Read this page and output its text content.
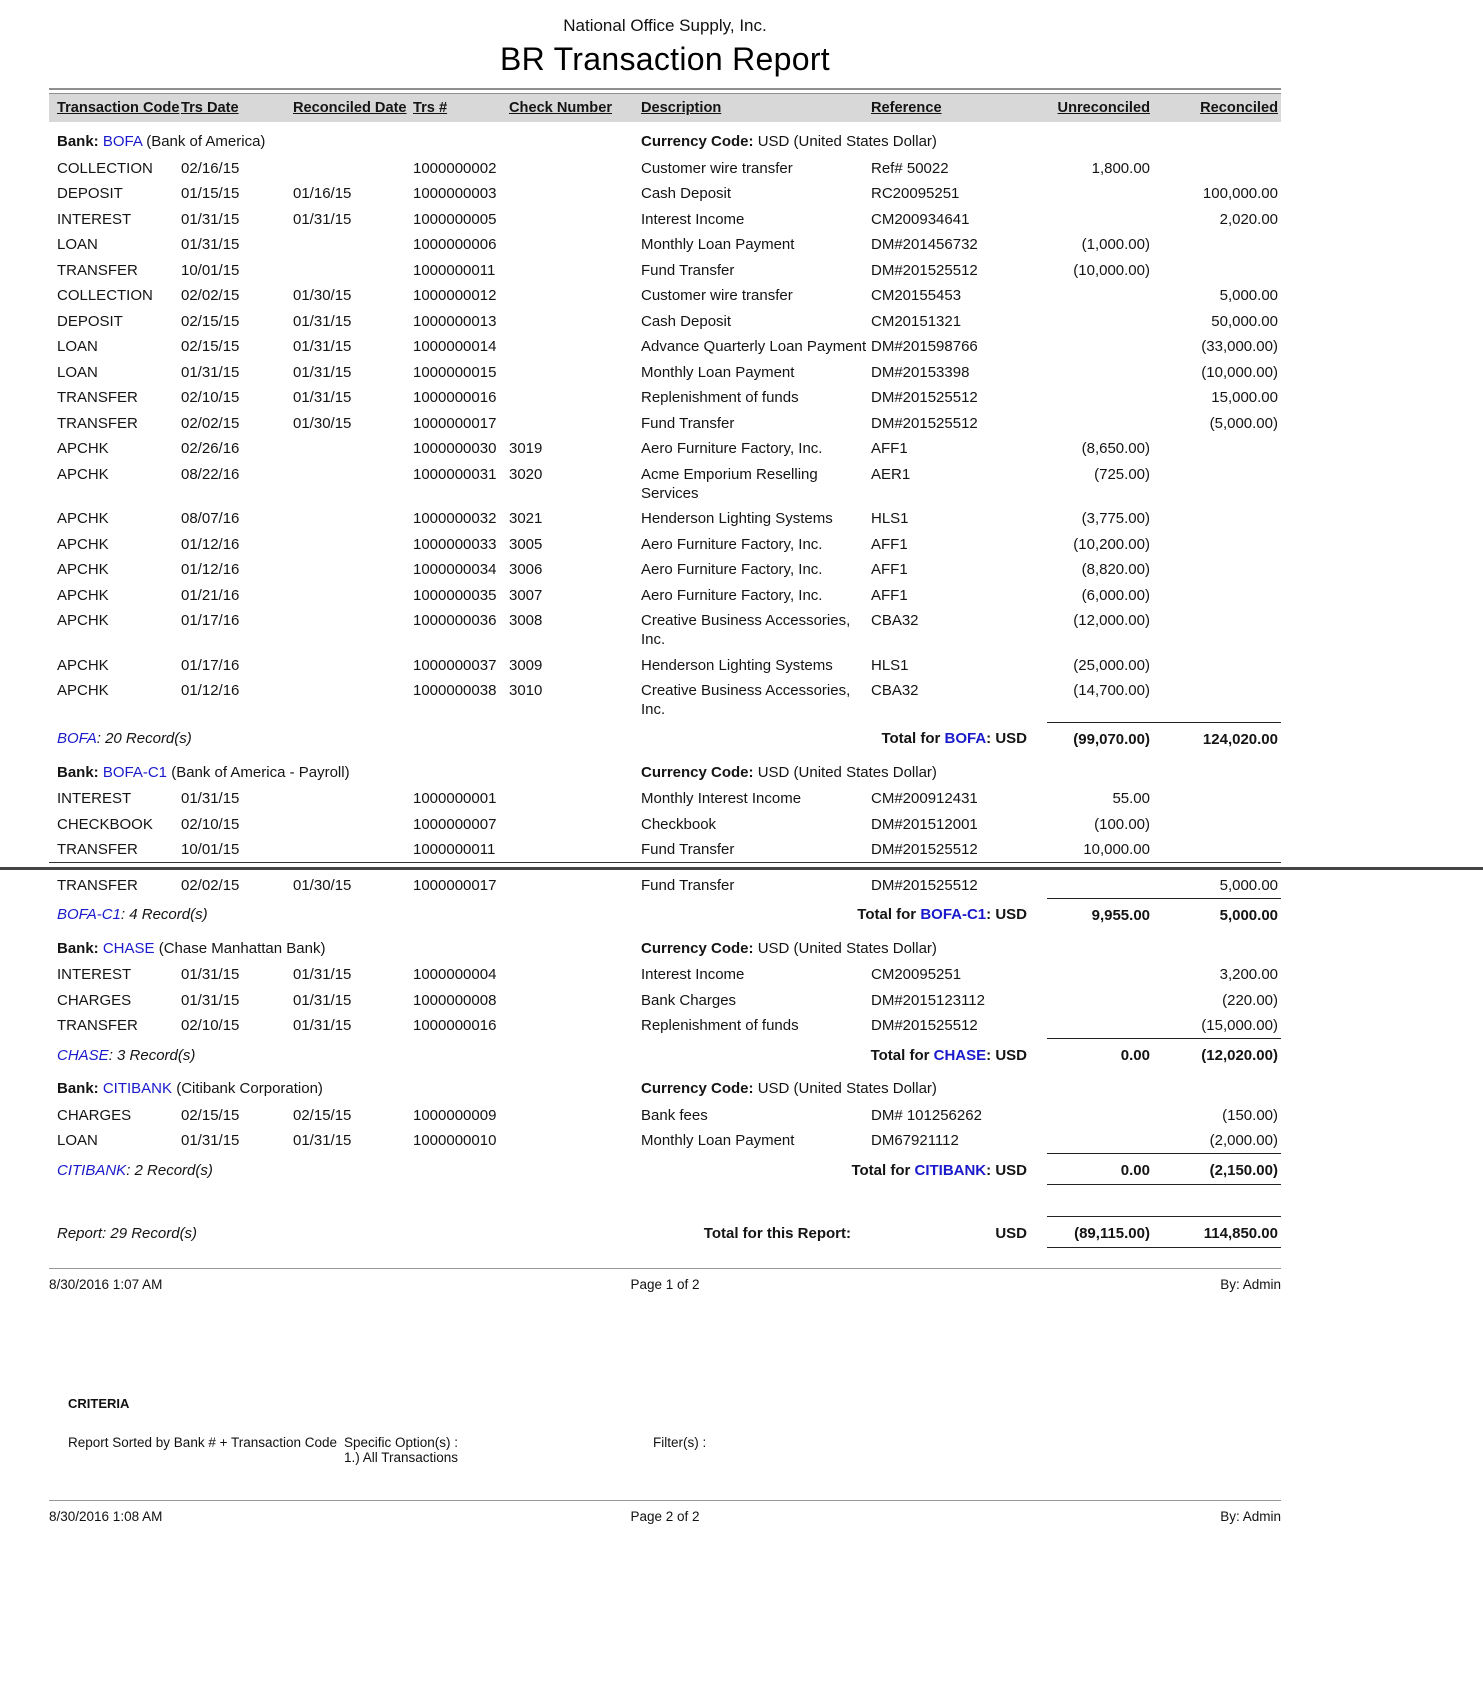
National Office Supply, Inc.
BR Transaction Report
Transaction Code	Trs Date	Reconciled Date	Trs #	Check Number	Description	Reference	Unreconciled	Reconciled
Bank: BOFA (Bank of America)					Currency Code: USD (United States Dollar)			
COLLECTION	02/16/15		1000000002		Customer wire transfer	Ref# 50022	1,800.00	
DEPOSIT	01/15/15	01/16/15	1000000003		Cash Deposit	RC20095251		100,000.00
INTEREST	01/31/15	01/31/15	1000000005		Interest Income	CM200934641		2,020.00
LOAN	01/31/15		1000000006		Monthly Loan Payment	DM#201456732	(1,000.00)	
TRANSFER	10/01/15		1000000011		Fund Transfer	DM#201525512	(10,000.00)	
COLLECTION	02/02/15	01/30/15	1000000012		Customer wire transfer	CM20155453		5,000.00
DEPOSIT	02/15/15	01/31/15	1000000013		Cash Deposit	CM20151321		50,000.00
LOAN	02/15/15	01/31/15	1000000014		Advance Quarterly Loan Payment	DM#201598766		(33,000.00)
LOAN	01/31/15	01/31/15	1000000015		Monthly Loan Payment	DM#20153398		(10,000.00)
TRANSFER	02/10/15	01/31/15	1000000016		Replenishment of funds	DM#201525512		15,000.00
TRANSFER	02/02/15	01/30/15	1000000017		Fund Transfer	DM#201525512		(5,000.00)
APCHK	02/26/16		1000000030	3019	Aero Furniture Factory, Inc.	AFF1	(8,650.00)	
APCHK	08/22/16		1000000031	3020	Acme Emporium Reselling Services	AER1	(725.00)	
APCHK	08/07/16		1000000032	3021	Henderson Lighting Systems	HLS1	(3,775.00)	
APCHK	01/12/16		1000000033	3005	Aero Furniture Factory, Inc.	AFF1	(10,200.00)	
APCHK	01/12/16		1000000034	3006	Aero Furniture Factory, Inc.	AFF1	(8,820.00)	
APCHK	01/21/16		1000000035	3007	Aero Furniture Factory, Inc.	AFF1	(6,000.00)	
APCHK	01/17/16		1000000036	3008	Creative Business Accessories, Inc.	CBA32	(12,000.00)	
APCHK	01/17/16		1000000037	3009	Henderson Lighting Systems	HLS1	(25,000.00)	
APCHK	01/12/16		1000000038	3010	Creative Business Accessories, Inc.	CBA32	(14,700.00)	
BOFA: 20 Record(s)					Total for BOFA: USD		(99,070.00)	124,020.00
Bank: BOFA-C1 (Bank of America - Payroll)					Currency Code: USD (United States Dollar)			
INTEREST	01/31/15		1000000001		Monthly Interest Income	CM#200912431	55.00	
CHECKBOOK	02/10/15		1000000007		Checkbook	DM#201512001	(100.00)	
TRANSFER	10/01/15		1000000011		Fund Transfer	DM#201525512	10,000.00	
TRANSFER	02/02/15	01/30/15	1000000017		Fund Transfer	DM#201525512		5,000.00
BOFA-C1: 4 Record(s)					Total for BOFA-C1: USD		9,955.00	5,000.00
Bank: CHASE (Chase Manhattan Bank)					Currency Code: USD (United States Dollar)			
INTEREST	01/31/15	01/31/15	1000000004		Interest Income	CM20095251		3,200.00
CHARGES	01/31/15	01/31/15	1000000008		Bank Charges	DM#2015123112		(220.00)
TRANSFER	02/10/15	01/31/15	1000000016		Replenishment of funds	DM#201525512		(15,000.00)
CHASE: 3 Record(s)					Total for CHASE: USD		0.00	(12,020.00)
Bank: CITIBANK (Citibank Corporation)					Currency Code: USD (United States Dollar)			
CHARGES	02/15/15	02/15/15	1000000009		Bank fees	DM# 101256262		(150.00)
LOAN	01/31/15	01/31/15	1000000010		Monthly Loan Payment	DM67921112		(2,000.00)
CITIBANK: 2 Record(s)					Total for CITIBANK: USD		0.00	(2,150.00)

Report: 29 Record(s)					Total for this Report:	USD	(89,115.00)	114,850.00
8/30/2016 1:07 AM	Page 1 of 2	By: Admin
CRITERIA
Report Sorted by Bank # + Transaction Code Specific Option(s) :
1.) All Transactions
Filter(s) :
8/30/2016 1:08 AM	Page 2 of 2	By: Admin
